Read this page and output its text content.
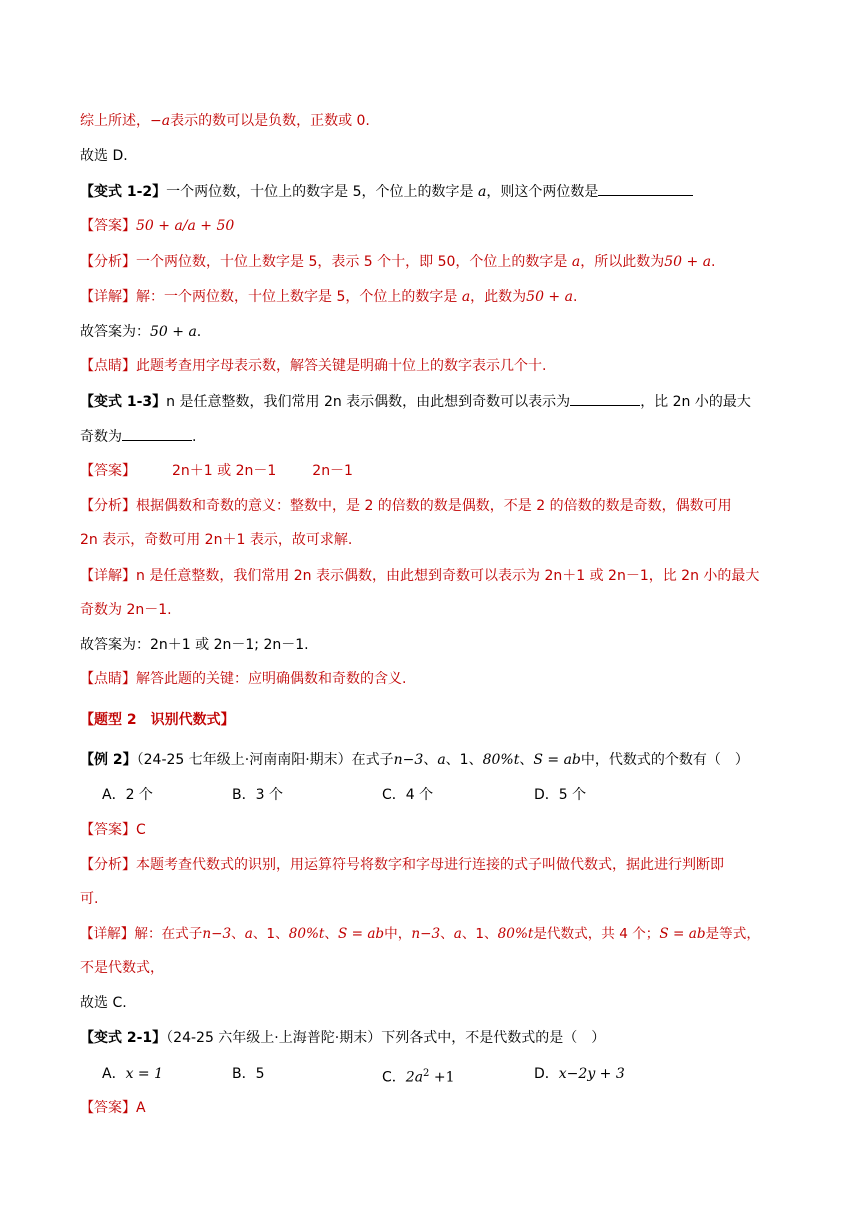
综上所述，−a表示的数可以是负数，正数或 0.
故选 D.
【变式 1-2】一个两位数，十位上的数字是 5，个位上的数字是 a，则这个两位数是
【答案】50 + a/a + 50
【分析】一个两位数，十位上数字是 5，表示 5 个十，即 50，个位上的数字是 a，所以此数为50 + a.
【详解】解：一个两位数，十位上数字是 5，个位上的数字是 a，此数为50 + a.
故答案为：50 + a.
【点睛】此题考查用字母表示数，解答关键是明确十位上的数字表示几个十.
【变式 1-3】n 是任意整数，我们常用 2n 表示偶数，由此想到奇数可以表示为	，比 2n 小的最大
奇数为	.
【答案】	2n＋1 或 2n－1	2n－1
【分析】根据偶数和奇数的意义：整数中，是 2 的倍数的数是偶数，不是 2 的倍数的数是奇数，偶数可用
2n 表示，奇数可用 2n＋1 表示，故可求解.
【详解】n 是任意整数，我们常用 2n 表示偶数，由此想到奇数可以表示为 2n＋1 或 2n－1，比 2n 小的最大
奇数为 2n－1.
故答案为：2n＋1 或 2n－1; 2n－1.
【点睛】解答此题的关键：应明确偶数和奇数的含义.
【题型 2 识别代数式】
【例 2】（24-25 七年级上·河南南阳·期末）在式子n−3、a、1、80%t、S = ab中，代数式的个数有（　）
A．2 个	B．3 个	C．4 个	D．5 个
【答案】C
【分析】本题考查代数式的识别，用运算符号将数字和字母进行连接的式子叫做代数式，据此进行判断即
可.
【详解】解：在式子n−3、a、1、80%t、S = ab中，n−3、a、1、80%t是代数式，共 4 个；S = ab是等式，
不是代数式，
故选 C.
【变式 2-1】（24-25 六年级上·上海普陀·期末）下列各式中，不是代数式的是（　）
A．x = 1	B．5	C．$2a^2 +1$	D．x−2y + 3
【答案】A
